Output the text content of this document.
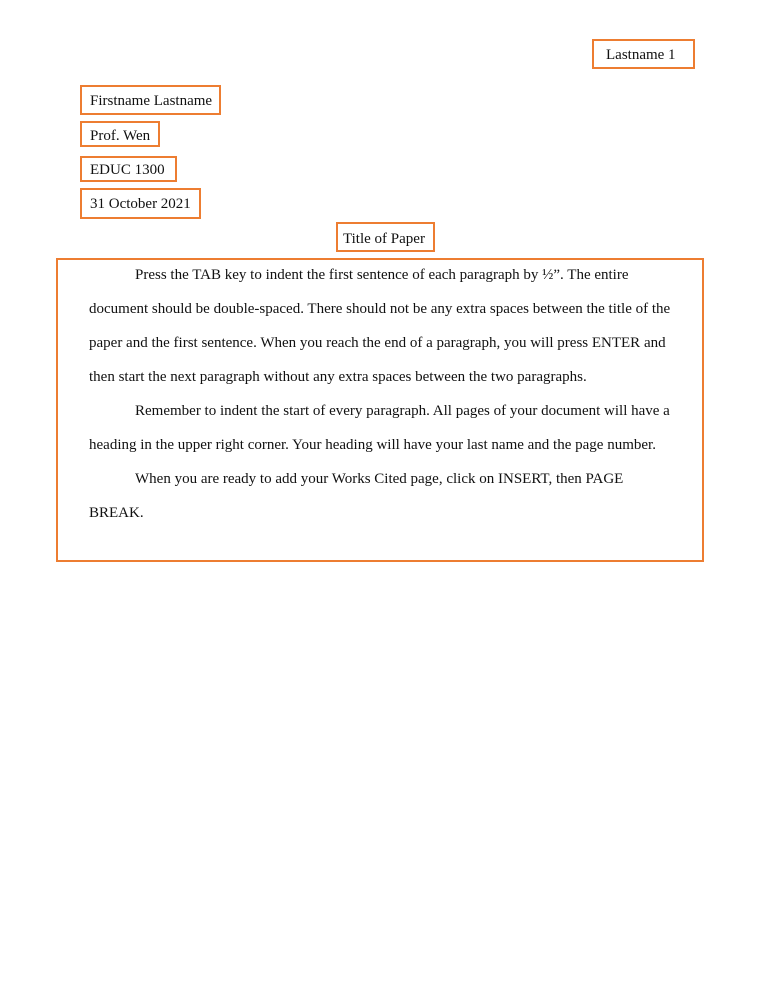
Lastname 1
Firstname Lastname
Prof. Wen
EDUC 1300
31 October 2021
Title of Paper
Press the TAB key to indent the first sentence of each paragraph by ½”. The entire
document should be double-spaced. There should not be any extra spaces between the title of the
paper and the first sentence. When you reach the end of a paragraph, you will press ENTER and
then start the next paragraph without any extra spaces between the two paragraphs.
Remember to indent the start of every paragraph. All pages of your document will have a
heading in the upper right corner. Your heading will have your last name and the page number.
When you are ready to add your Works Cited page, click on INSERT, then PAGE
BREAK.
